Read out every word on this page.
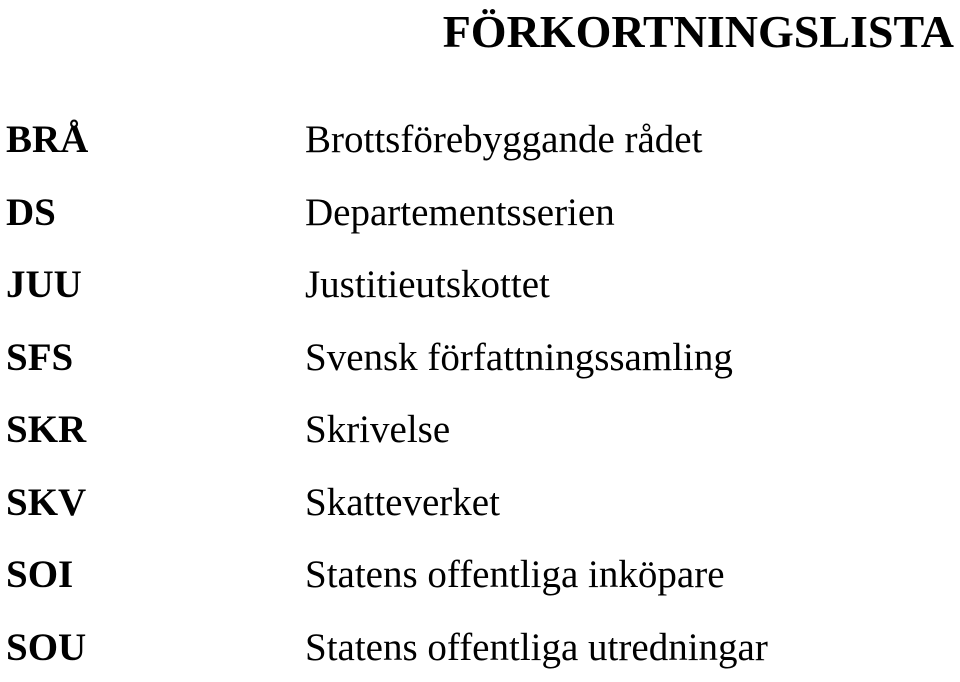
FÖRKORTNINGSLISTA
BRÅ	Brottsförebyggande rådet
DS	Departementsserien
JUU	Justitieutskottet
SFS	Svensk författningssamling
SKR	Skrivelse
SKV	Skatteverket
SOI	Statens offentliga inköpare
SOU	Statens offentliga utredningar
